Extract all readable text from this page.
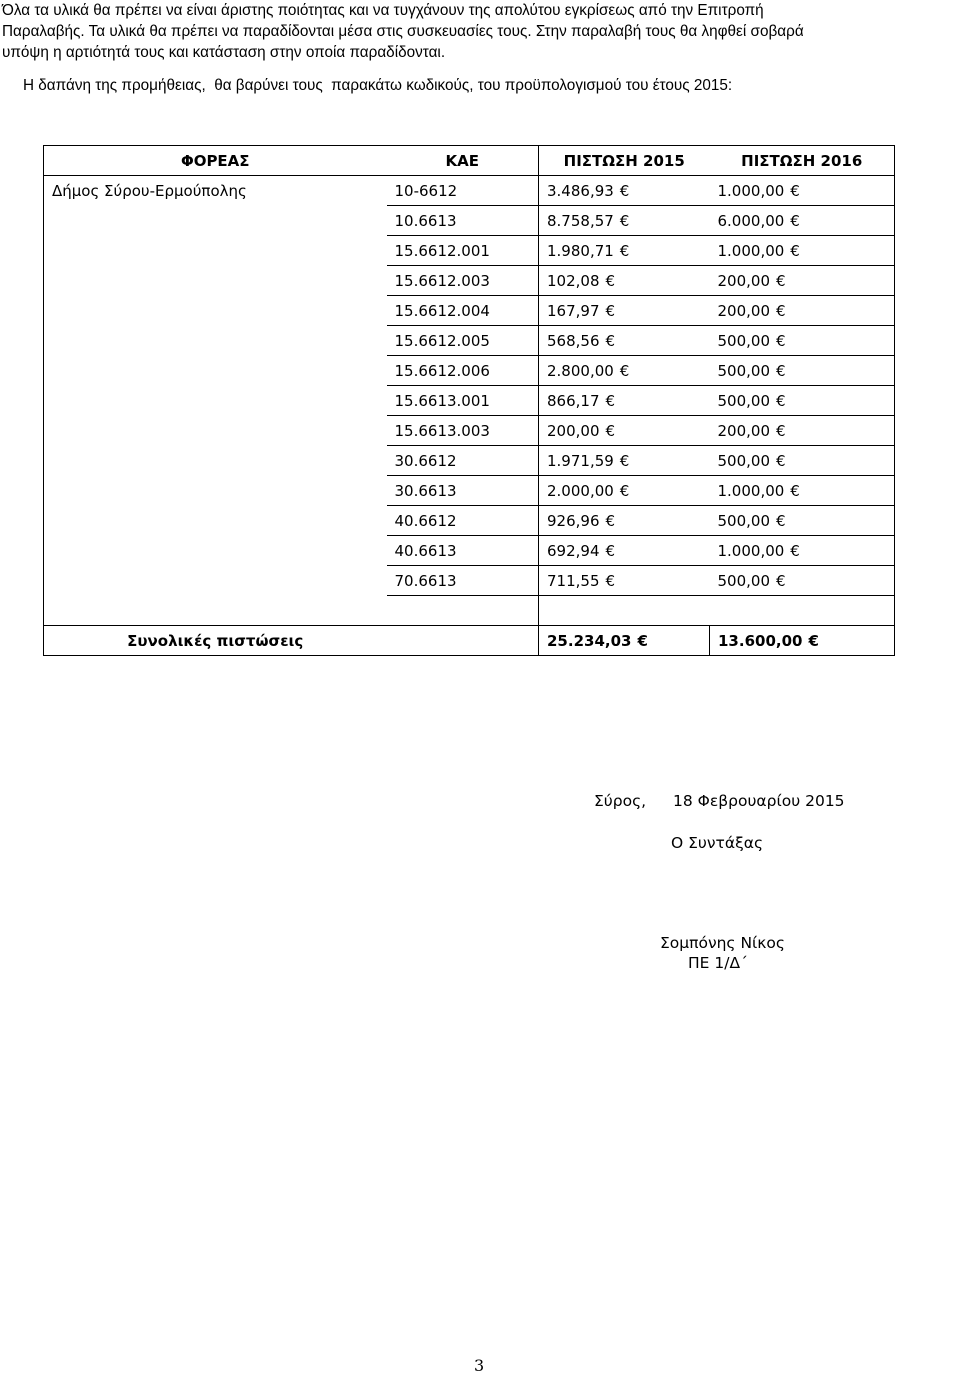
Όλα τα υλικά θα πρέπει να είναι άριστης ποιότητας και να τυγχάνουν της απολύτου εγκρίσεως από την Επιτροπή

Παραλαβής. Τα υλικά θα πρέπει να παραδίδονται μέσα στις συσκευασίες τους. Στην παραλαβή τους θα ληφθεί σοβαρά

υπόψη η αρτιότητά τους και κατάσταση στην οποία παραδίδονται.

Η δαπάνη της προμήθειας,  θα βαρύνει τους  παρακάτω κωδικούς, του προϋπολογισμού του έτους 2015:
ΦΟΡΕΑΣ	ΚΑΕ	ΠΙΣΤΩΣΗ 2015	ΠΙΣΤΩΣΗ 2016
Δήμος Σύρου-Ερμούπολης	10-6612	3.486,93 €	1.000,00 €
	10.6613	8.758,57 €	6.000,00 €
	15.6612.001	1.980,71 €	1.000,00 €
	15.6612.003	102,08 €	200,00 €
	15.6612.004	167,97 €	200,00 €
	15.6612.005	568,56 €	500,00 €
	15.6612.006	2.800,00 €	500,00 €
	15.6613.001	866,17 €	500,00 €
	15.6613.003	200,00 €	200,00 €
	30.6612	1.971,59 €	500,00 €
	30.6613	2.000,00 €	1.000,00 €
	40.6612	926,96 €	500,00 €
	40.6613	692,94 €	1.000,00 €
	70.6613	711,55 €	500,00 €

Συνολικές πιστώσεις		25.234,03 €	13.600,00 €
Σύρος, 18 Φεβρουαρίου 2015
Ο Συντάξας
Σομπόνης Νίκος
ΠΕ 1/Δ΄
3
